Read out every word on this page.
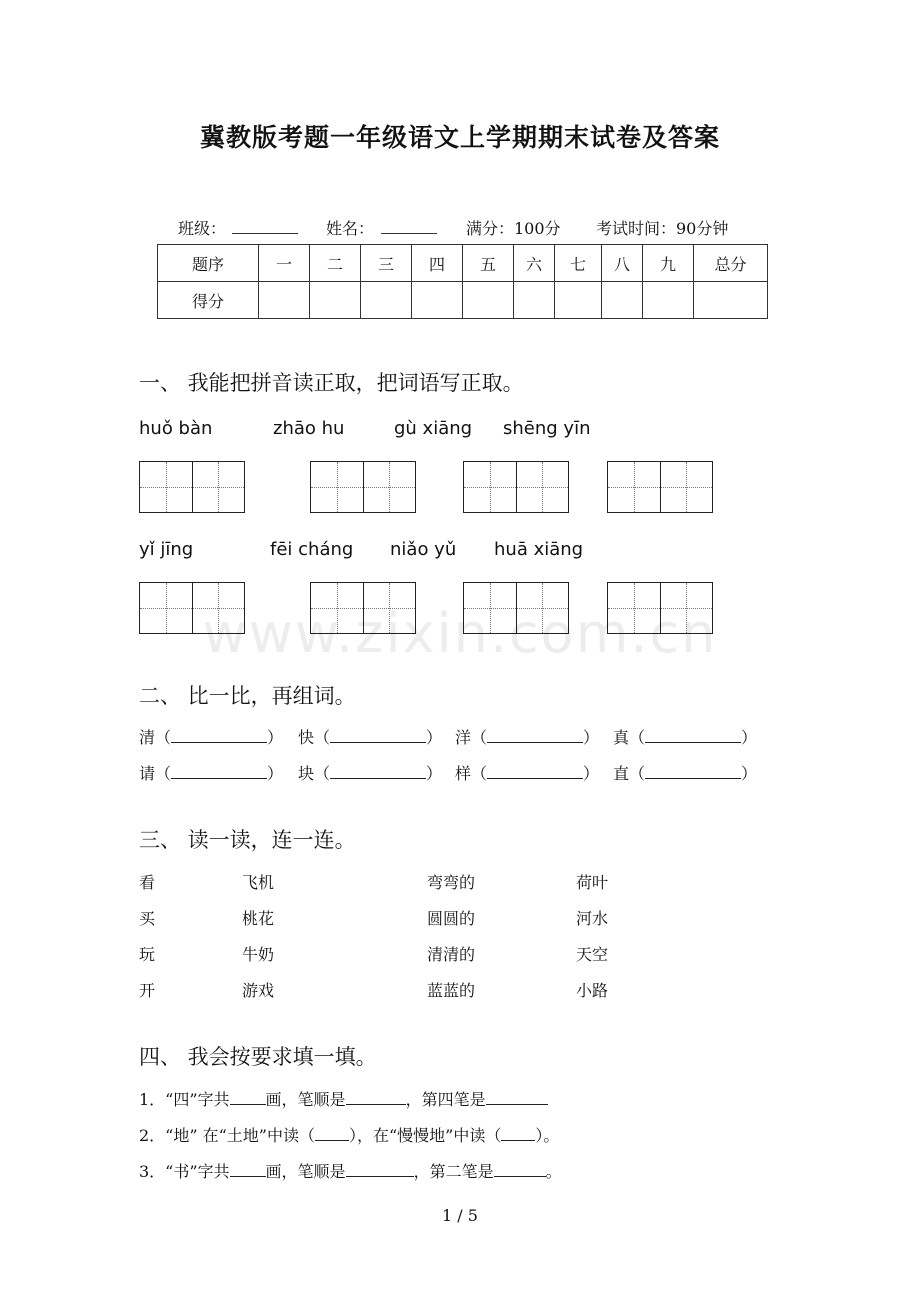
冀教版考题一年级语文上学期期末试卷及答案
班级：	姓名：	满分：100分 考试时间：90分钟
题序	一	二	三	四	五	六	七	八	九	总分
得分										
一、 我能把拼音读正取，把词语写正取。
huǒ bàn	zhāo hu	gù xiāng shēng yīn
yǐ jīng	fēi cháng niǎo yǔ huā xiāng
www.zixin.com.cn
二、 比一比，再组词。
清（	） 快（	） 洋（	） 真（	）
请（	） 块（	） 样（	） 直（	）
三、 读一读，连一连。
看	飞机	弯弯的	荷叶
买	桃花	圆圆的	河水
玩	牛奶	清清的	天空
开	游戏	蓝蓝的	小路
四、 我会按要求填一填。
1．“四”字共 画，笔顺是	，第四笔是
2．“地” 在“土地”中读（ ），在“慢慢地”中读（ ）。
3．“书”字共 画，笔顺是	，第二笔是	。
1 / 5
